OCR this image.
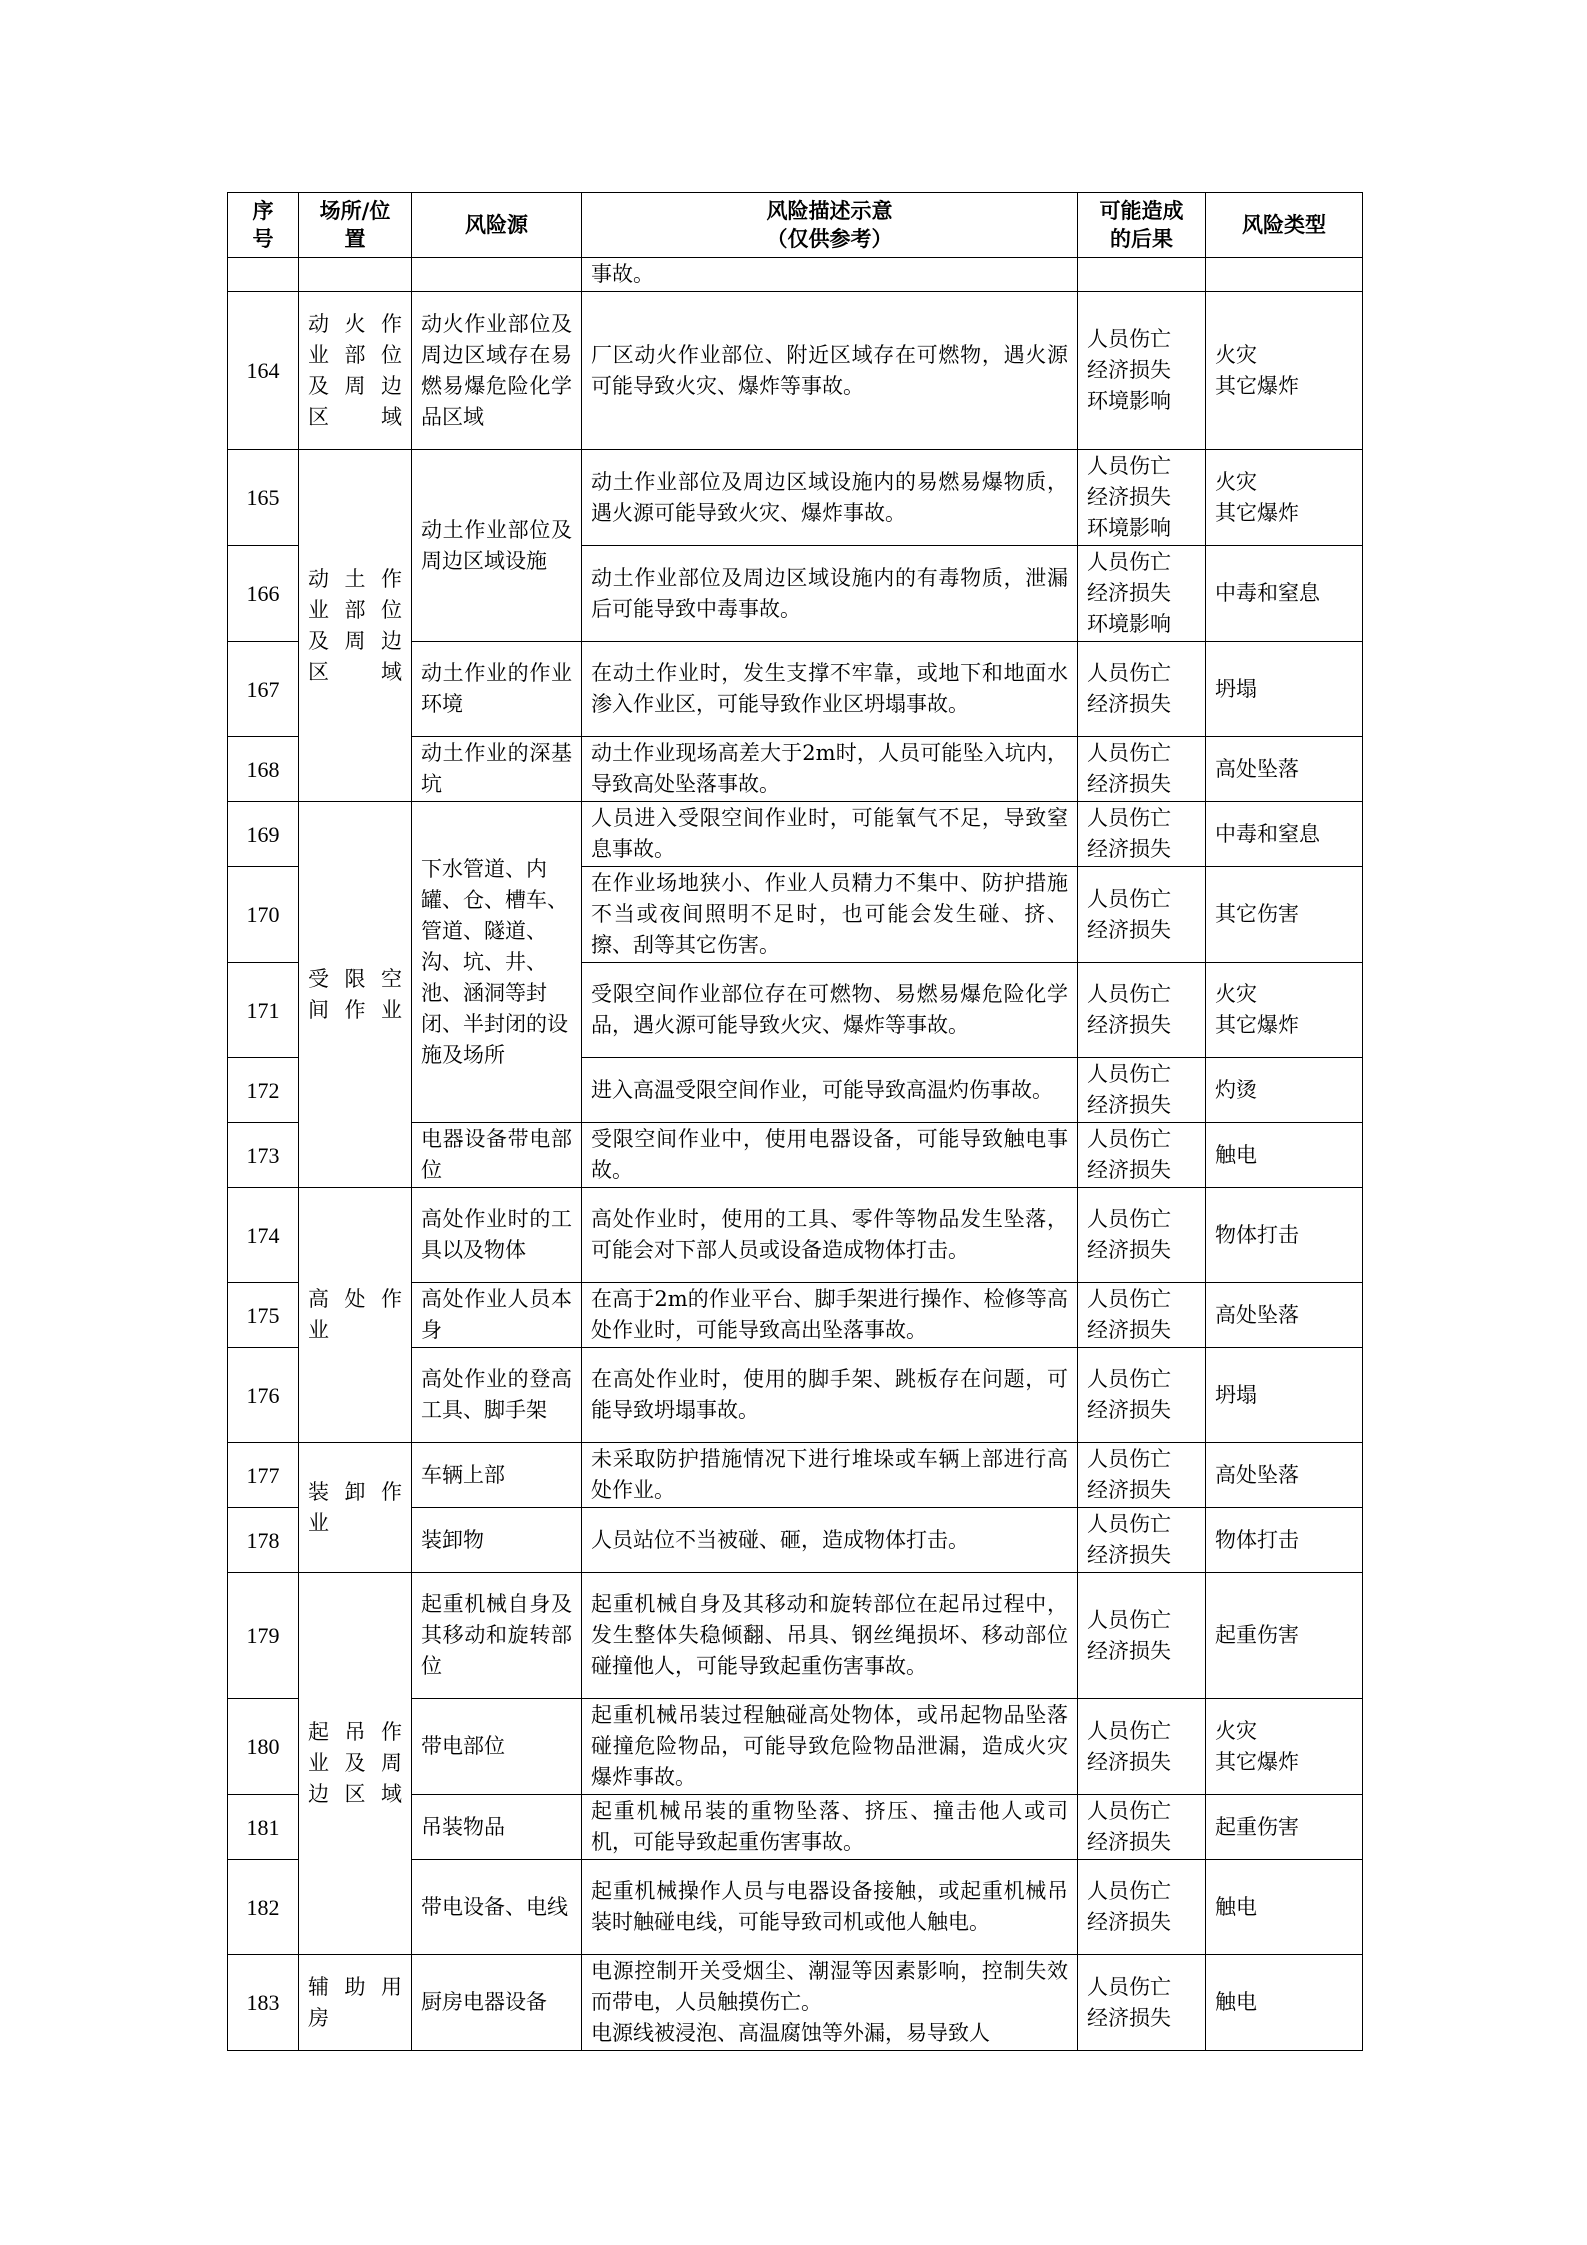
序
号	场所/位
置	风险源	风险描述示意
（仅供参考）	可能造成
的后果	风险类型
			事故。		
164	动火作
业部位
及周边
区域	动火作业部位及周边区域存在易燃易爆危险化学品区域	厂区动火作业部位、附近区域存在可燃物，遇火源可能导致火灾、爆炸等事故。	人员伤亡
经济损失
环境影响	火灾
其它爆炸
165	动土作
业部位
及周边
区域	动土作业部位及周边区域设施	动土作业部位及周边区域设施内的易燃易爆物质，遇火源可能导致火灾、爆炸事故。	人员伤亡
经济损失
环境影响	火灾
其它爆炸
166			动土作业部位及周边区域设施内的有毒物质，泄漏后可能导致中毒事故。	人员伤亡
经济损失
环境影响	中毒和窒息
167		动土作业的作业环境	在动土作业时，发生支撑不牢靠，或地下和地面水渗入作业区，可能导致作业区坍塌事故。	人员伤亡
经济损失	坍塌
168		动土作业的深基坑	动土作业现场高差大于2m时，人员可能坠入坑内，导致高处坠落事故。	人员伤亡
经济损失	高处坠落
169	受限空
间作业	下水管道、内罐、仓、槽车、管道、隧道、沟、坑、井、池、涵洞等封闭、半封闭的设施及场所	人员进入受限空间作业时，可能氧气不足，导致窒息事故。	人员伤亡
经济损失	中毒和窒息
170			在作业场地狭小、作业人员精力不集中、防护措施不当或夜间照明不足时，也可能会发生碰、挤、擦、刮等其它伤害。	人员伤亡
经济损失	其它伤害
171			受限空间作业部位存在可燃物、易燃易爆危险化学品，遇火源可能导致火灾、爆炸等事故。	人员伤亡
经济损失	火灾
其它爆炸
172			进入高温受限空间作业，可能导致高温灼伤事故。	人员伤亡
经济损失	灼烫
173		电器设备带电部位	受限空间作业中，使用电器设备，可能导致触电事故。	人员伤亡
经济损失	触电
174	高处作
业	高处作业时的工具以及物体	高处作业时，使用的工具、零件等物品发生坠落，可能会对下部人员或设备造成物体打击。	人员伤亡
经济损失	物体打击
175		高处作业人员本身	在高于2m的作业平台、脚手架进行操作、检修等高处作业时，可能导致高出坠落事故。	人员伤亡
经济损失	高处坠落
176		高处作业的登高工具、脚手架	在高处作业时，使用的脚手架、跳板存在问题，可能导致坍塌事故。	人员伤亡
经济损失	坍塌
177	装卸作
业	车辆上部	未采取防护措施情况下进行堆垛或车辆上部进行高处作业。	人员伤亡
经济损失	高处坠落
178		装卸物	人员站位不当被碰、砸，造成物体打击。	人员伤亡
经济损失	物体打击
179	起吊作
业及周
边区域	起重机械自身及其移动和旋转部位	起重机械自身及其移动和旋转部位在起吊过程中，发生整体失稳倾翻、吊具、钢丝绳损坏、移动部位碰撞他人，可能导致起重伤害事故。	人员伤亡
经济损失	起重伤害
180		带电部位	起重机械吊装过程触碰高处物体，或吊起物品坠落碰撞危险物品，可能导致危险物品泄漏，造成火灾爆炸事故。	人员伤亡
经济损失	火灾
其它爆炸
181		吊装物品	起重机械吊装的重物坠落、挤压、撞击他人或司机，可能导致起重伤害事故。	人员伤亡
经济损失	起重伤害
182		带电设备、电线	起重机械操作人员与电器设备接触，或起重机械吊装时触碰电线，可能导致司机或他人触电。	人员伤亡
经济损失	触电
183	辅助用
房	厨房电器设备	电源控制开关受烟尘、潮湿等因素影响，控制失效而带电，人员触摸伤亡。
电源线被浸泡、高温腐蚀等外漏，易导致人	人员伤亡
经济损失	触电
